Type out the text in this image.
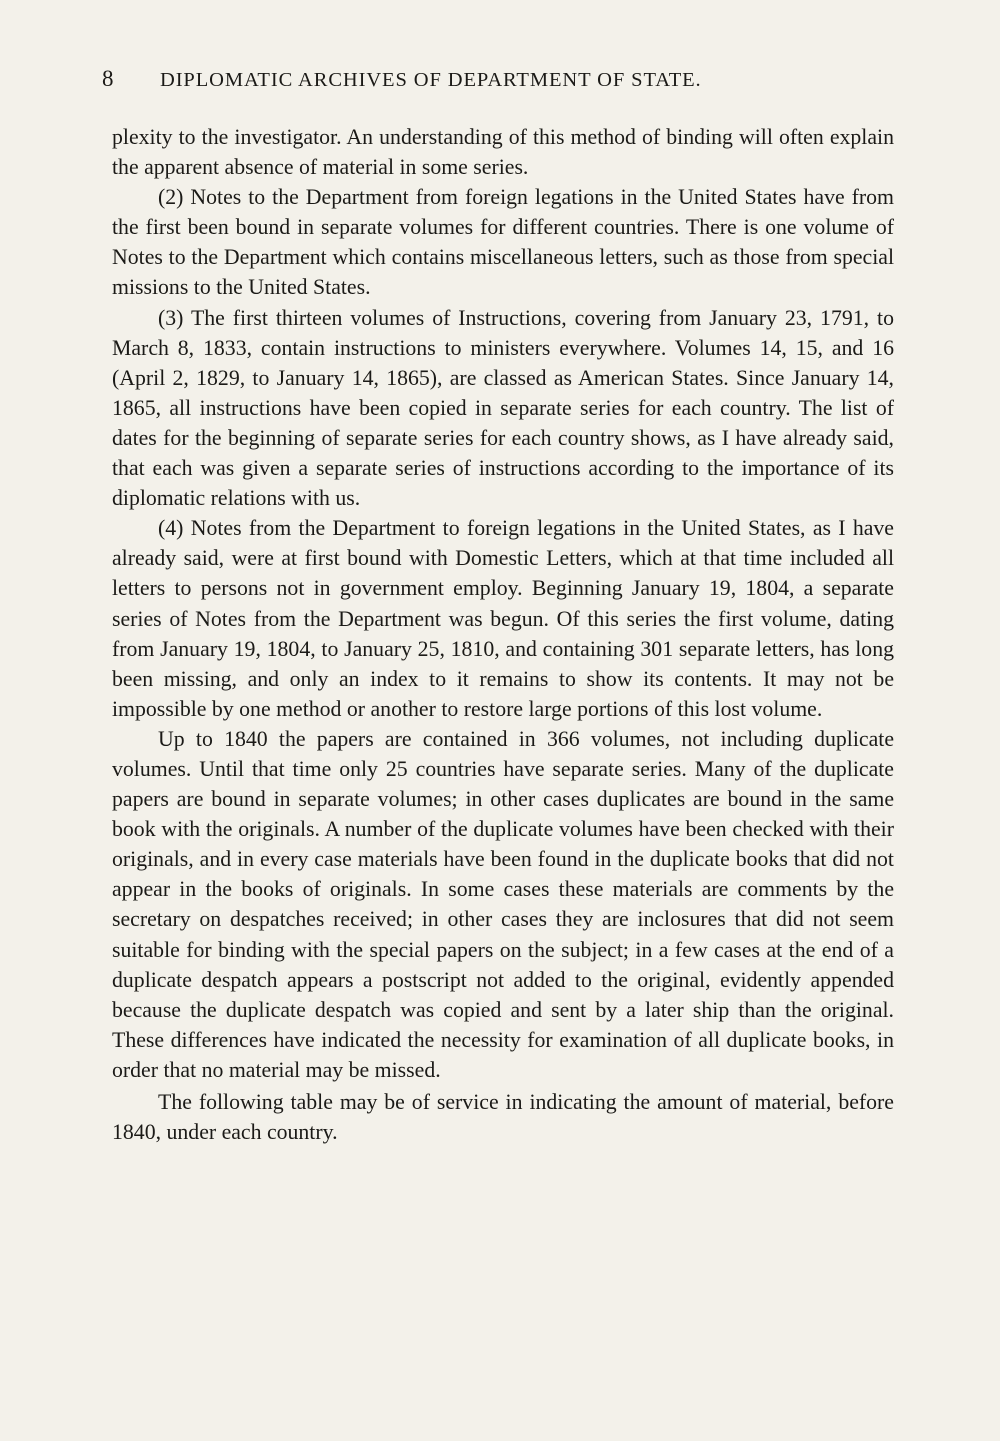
8	DIPLOMATIC ARCHIVES OF DEPARTMENT OF STATE.

plexity to the investigator. An understanding of this method of binding will often explain the apparent absence of material in some series.

(2) Notes to the Department from foreign legations in the United States have from the first been bound in separate volumes for different countries. There is one volume of Notes to the Department which contains miscellaneous letters, such as those from special missions to the United States.

(3) The first thirteen volumes of Instructions, covering from January 23, 1791, to March 8, 1833, contain instructions to ministers everywhere. Volumes 14, 15, and 16 (April 2, 1829, to January 14, 1865), are classed as American States. Since January 14, 1865, all instructions have been copied in separate series for each country. The list of dates for the beginning of separate series for each country shows, as I have already said, that each was given a separate series of instructions according to the importance of its diplomatic relations with us.

(4) Notes from the Department to foreign legations in the United States, as I have already said, were at first bound with Domestic Letters, which at that time included all letters to persons not in government employ. Beginning January 19, 1804, a separate series of Notes from the Department was begun. Of this series the first volume, dating from January 19, 1804, to January 25, 1810, and containing 301 separate letters, has long been missing, and only an index to it remains to show its contents. It may not be impossible by one method or another to restore large portions of this lost volume.

Up to 1840 the papers are contained in 366 volumes, not including duplicate volumes. Until that time only 25 countries have separate series. Many of the duplicate papers are bound in separate volumes; in other cases duplicates are bound in the same book with the originals. A number of the duplicate volumes have been checked with their originals, and in every case materials have been found in the duplicate books that did not appear in the books of originals. In some cases these materials are comments by the secretary on despatches received; in other cases they are inclosures that did not seem suitable for binding with the special papers on the subject; in a few cases at the end of a duplicate despatch appears a postscript not added to the original, evidently appended because the duplicate despatch was copied and sent by a later ship than the original. These differences have indicated the necessity for examination of all duplicate books, in order that no material may be missed.

The following table may be of service in indicating the amount of material, before 1840, under each country.
